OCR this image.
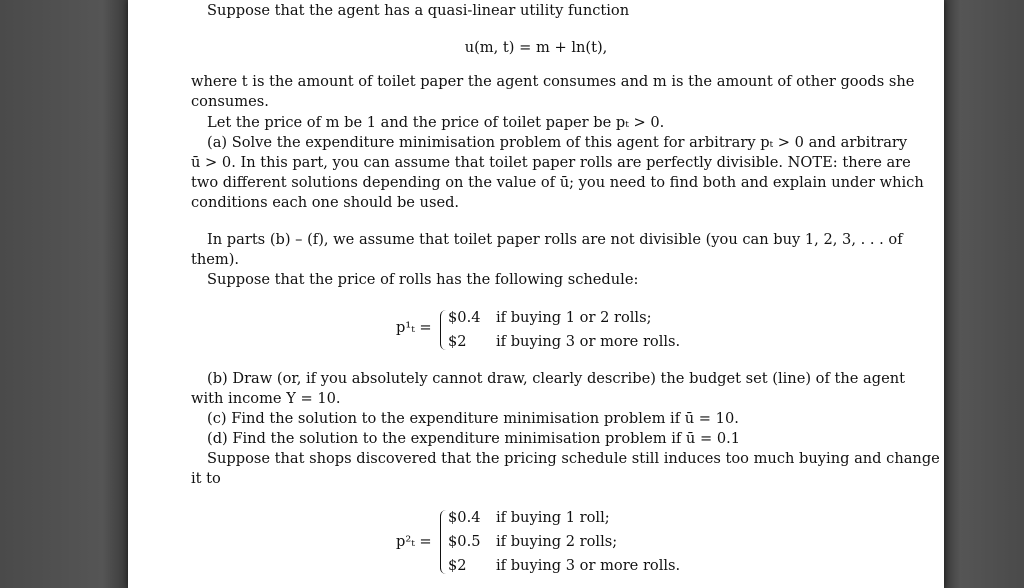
Suppose that the agent has a quasi-linear utility function
u(m, t) = m + ln(t),
where t is the amount of toilet paper the agent consumes and m is the amount of other goods she
consumes.
Let the price of m be 1 and the price of toilet paper be pₜ > 0.
(a) Solve the expenditure minimisation problem of this agent for arbitrary pₜ > 0 and arbitrary
ū > 0. In this part, you can assume that toilet paper rolls are perfectly divisible. NOTE: there are
two different solutions depending on the value of ū; you need to find both and explain under which
conditions each one should be used.
In parts (b) – (f), we assume that toilet paper rolls are not divisible (you can buy 1, 2, 3, . . . of
them).
Suppose that the price of rolls has the following schedule:
p¹ₜ =
$0.4 if buying 1 or 2 rolls;
$2 if buying 3 or more rolls.
(b) Draw (or, if you absolutely cannot draw, clearly describe) the budget set (line) of the agent
with income Y = 10.
(c) Find the solution to the expenditure minimisation problem if ū = 10.
(d) Find the solution to the expenditure minimisation problem if ū = 0.1
Suppose that shops discovered that the pricing schedule still induces too much buying and change
it to
p²ₜ =
$0.4 if buying 1 roll;
$0.5 if buying 2 rolls;
$2 if buying 3 or more rolls.
